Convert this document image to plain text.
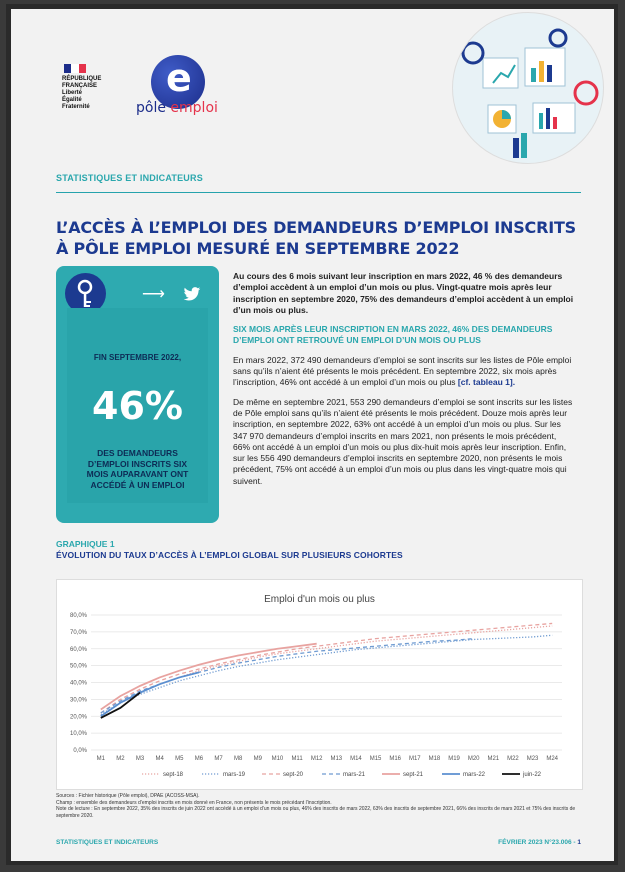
RÉPUBLIQUE FRANÇAISE
Liberté
Égalité
Fraternité
e
pôle emploi
STATISTIQUES ET INDICATEURS
L’ACCÈS À L’EMPLOI DES DEMANDEURS D’EMPLOI INSCRITS À PÔLE EMPLOI MESURÉ EN SEPTEMBRE 2022
⟶
FIN SEPTEMBRE 2022,
46%
DES DEMANDEURS D’EMPLOI INSCRITS SIX MOIS AUPARAVANT ONT ACCÉDÉ À UN EMPLOI

Au cours des 6 mois suivant leur inscription en mars 2022, 46 % des demandeurs d’emploi accèdent à un emploi d’un mois ou plus. Vingt-quatre mois après leur inscription en septembre 2020, 75% des demandeurs d’emploi accèdent à un emploi d’un mois ou plus.

SIX MOIS APRÈS LEUR INSCRIPTION EN MARS 2022, 46% DES DEMANDEURS D’EMPLOI ONT RETROUVÉ UN EMPLOI D’UN MOIS OU PLUS

En mars 2022, 372 490 demandeurs d’emploi se sont inscrits sur les listes de Pôle emploi sans qu’ils n’aient été présents le mois précédent. En septembre 2022, six mois après l’inscription, 46% ont accédé à un emploi d’un mois ou plus [cf. tableau 1].

De même en septembre 2021, 553 290 demandeurs d’emploi se sont inscrits sur les listes de Pôle emploi sans qu’ils n’aient été présents le mois précédent. Douze mois après leur inscription, en septembre 2022, 63% ont accédé à un emploi d’un mois ou plus. Sur les 347 970 demandeurs d’emploi inscrits en mars 2021, non présents le mois précédent, 66% ont accédé à un emploi d’un mois ou plus dix-huit mois après leur inscription. Enfin, sur les 556 490 demandeurs d’emploi inscrits en septembre 2020, non présents le mois précédent, 75% ont accédé à un emploi d’un mois ou plus dans les vingt-quatre mois qui suivent.

GRAPHIQUE 1
ÉVOLUTION DU TAUX D’ACCÈS À L’EMPLOI GLOBAL SUR PLUSIEURS COHORTES
Emploi d'un mois ou plus
0,0%
10,0%
20,0%
30,0%
40,0%
50,0%
60,0%
70,0%
80,0%
M1 M2 M3 M4 M5 M6 M7 M8 M9 M10 M11 M12 M13 M14 M15 M16 M17 M18 M19 M20 M21 M22 M23 M24
sept-18	mars-19	sept-20	mars-21	sept-21	mars-22	juin-22
Sources : Fichier historique (Pôle emploi), DPAE (ACOSS-MSA).
Champ : ensemble des demandeurs d’emploi inscrits en mois donné en France, non présents le mois précédant l’inscription.
Note de lecture : En septembre 2022, 35% des inscrits de juin 2022 ont accédé à un emploi d’un mois ou plus, 46% des inscrits de mars 2022, 63% des inscrits de septembre 2021, 66% des inscrits de mars 2021 et 75% des inscrits de septembre 2020.
STATISTIQUES ET INDICATEURS	FÉVRIER 2023 N°23.006 - 1
